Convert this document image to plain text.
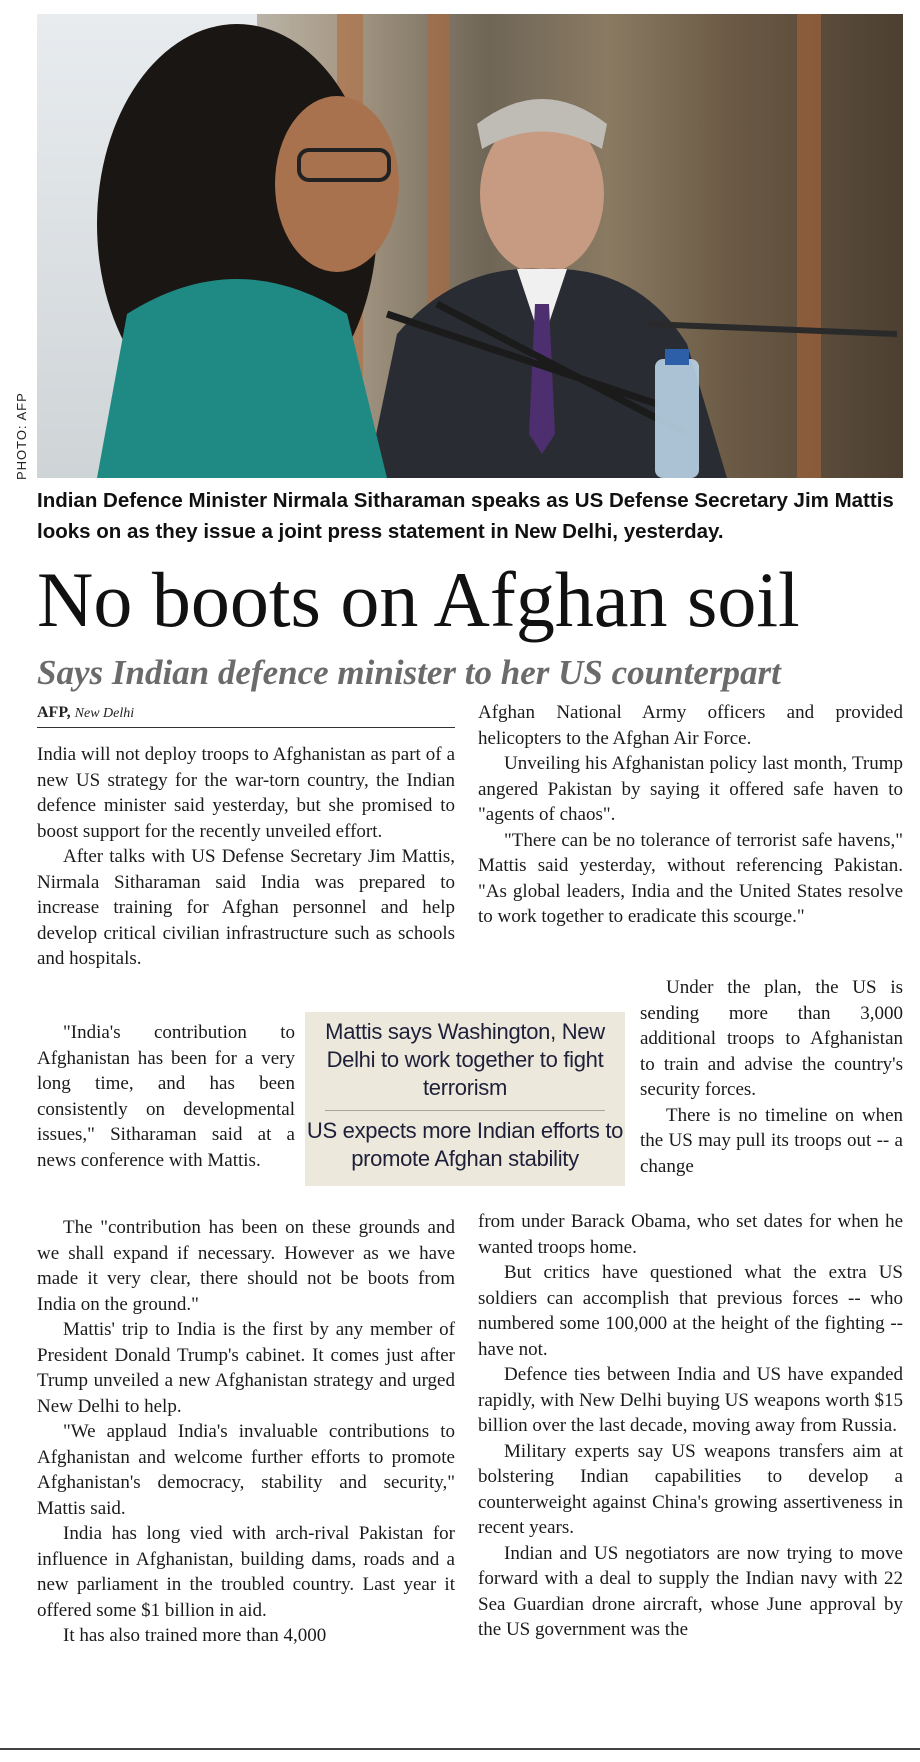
PHOTO: AFP
Indian Defence Minister Nirmala Sitharaman speaks as US Defense Secretary Jim Mattis looks on as they issue a joint press statement in New Delhi, yesterday.
No boots on Afghan soil
Says Indian defence minister to her US counterpart
AFP, New Delhi

India will not deploy troops to Afghanistan as part of a new US strategy for the war-torn country, the Indian defence minister said yesterday, but she promised to boost support for the recently unveiled effort.

After talks with US Defense Secretary Jim Mattis, Nirmala Sitharaman said India was prepared to increase training for Afghan personnel and help develop critical civilian infrastructure such as schools and hospitals.

"India's contribution to Afghanistan has been for a very long time, and has been consistently on developmental issues," Sitharaman said at a news conference with Mattis.

Mattis says Washington, New Delhi to work together to fight terrorism
US expects more Indian efforts to promote Afghan stability

The "contribution has been on these grounds and we shall expand if necessary. However as we have made it very clear, there should not be boots from India on the ground."

Mattis' trip to India is the first by any member of President Donald Trump's cabinet. It comes just after Trump unveiled a new Afghanistan strategy and urged New Delhi to help.

"We applaud India's invaluable contributions to Afghanistan and welcome further efforts to promote Afghanistan's democracy, stability and security," Mattis said.

India has long vied with arch-rival Pakistan for influence in Afghanistan, building dams, roads and a new parliament in the troubled country. Last year it offered some $1 billion in aid.

It has also trained more than 4,000

Afghan National Army officers and provided helicopters to the Afghan Air Force.

Unveiling his Afghanistan policy last month, Trump angered Pakistan by saying it offered safe haven to "agents of chaos".

"There can be no tolerance of terrorist safe havens," Mattis said yesterday, without referencing Pakistan. "As global leaders, India and the United States resolve to work together to eradicate this scourge."

Under the plan, the US is sending more than 3,000 additional troops to Afghanistan to train and advise the country's security forces.

There is no timeline on when the US may pull its troops out -- a change

from under Barack Obama, who set dates for when he wanted troops home.

But critics have questioned what the extra US soldiers can accomplish that previous forces -- who numbered some 100,000 at the height of the fighting -- have not.

Defence ties between India and US have expanded rapidly, with New Delhi buying US weapons worth $15 billion over the last decade, moving away from Russia.

Military experts say US weapons transfers aim at bolstering Indian capabilities to develop a counterweight against China's growing assertiveness in recent years.

Indian and US negotiators are now trying to move forward with a deal to supply the Indian navy with 22 Sea Guardian drone aircraft, whose June approval by the US government was the
